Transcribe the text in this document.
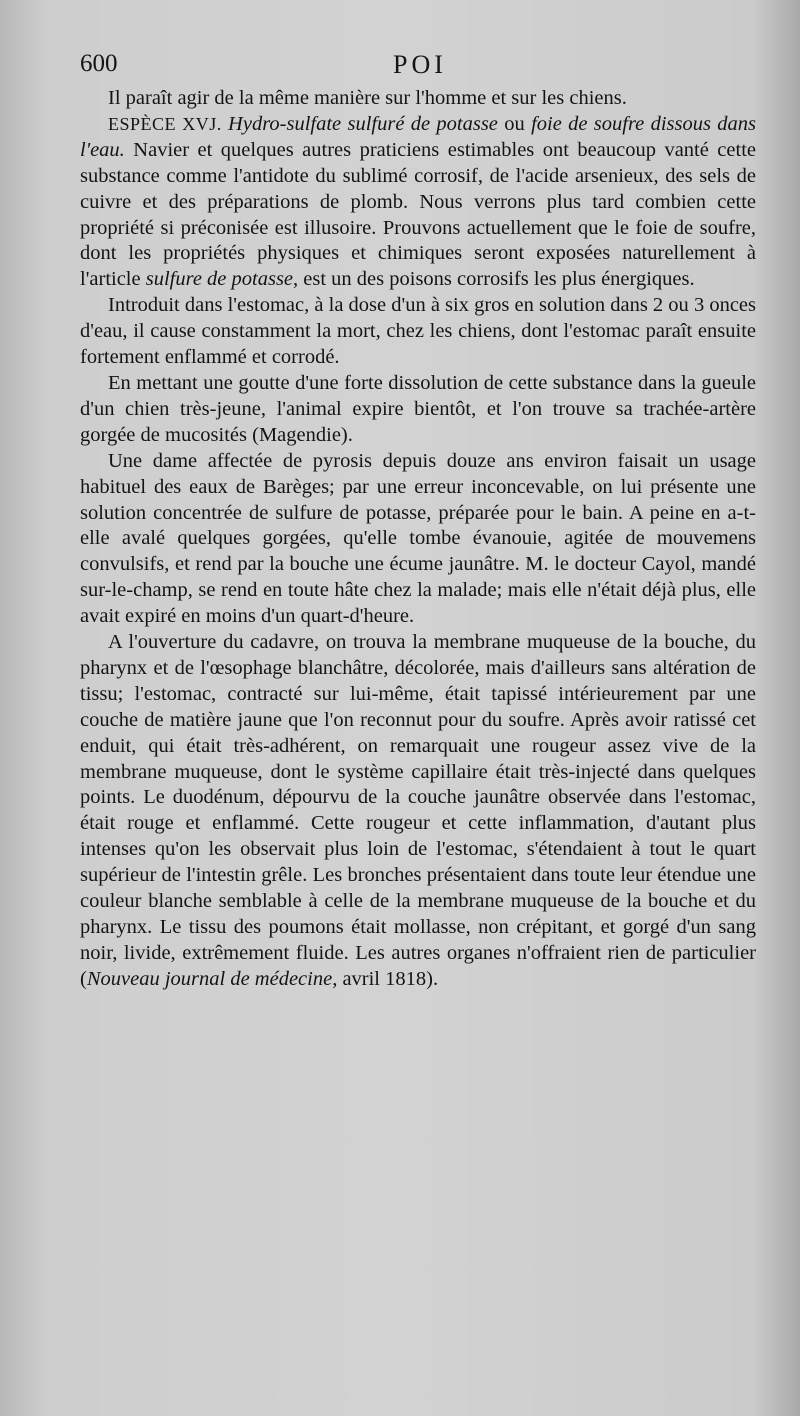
600	POI

Il paraît agir de la même manière sur l'homme et sur les chiens.

ESPÈCE XVJ. Hydro-sulfate sulfuré de potasse ou foie de soufre dissous dans l'eau. Navier et quelques autres praticiens estimables ont beaucoup vanté cette substance comme l'antidote du sublimé corrosif, de l'acide arsenieux, des sels de cuivre et des préparations de plomb. Nous verrons plus tard combien cette propriété si préconisée est illusoire. Prouvons actuellement que le foie de soufre, dont les propriétés physiques et chimiques seront exposées naturellement à l'article sulfure de potasse, est un des poisons corrosifs les plus énergiques.

Introduit dans l'estomac, à la dose d'un à six gros en solution dans 2 ou 3 onces d'eau, il cause constamment la mort, chez les chiens, dont l'estomac paraît ensuite fortement enflammé et corrodé.

En mettant une goutte d'une forte dissolution de cette substance dans la gueule d'un chien très-jeune, l'animal expire bientôt, et l'on trouve sa trachée-artère gorgée de mucosités (Magendie).

Une dame affectée de pyrosis depuis douze ans environ faisait un usage habituel des eaux de Barèges; par une erreur inconcevable, on lui présente une solution concentrée de sulfure de potasse, préparée pour le bain. A peine en a-t-elle avalé quelques gorgées, qu'elle tombe évanouie, agitée de mouvemens convulsifs, et rend par la bouche une écume jaunâtre. M. le docteur Cayol, mandé sur-le-champ, se rend en toute hâte chez la malade; mais elle n'était déjà plus, elle avait expiré en moins d'un quart-d'heure.

A l'ouverture du cadavre, on trouva la membrane muqueuse de la bouche, du pharynx et de l'œsophage blanchâtre, décolorée, mais d'ailleurs sans altération de tissu; l'estomac, contracté sur lui-même, était tapissé intérieurement par une couche de matière jaune que l'on reconnut pour du soufre. Après avoir ratissé cet enduit, qui était très-adhérent, on remarquait une rougeur assez vive de la membrane muqueuse, dont le système capillaire était très-injecté dans quelques points. Le duodénum, dépourvu de la couche jaunâtre observée dans l'estomac, était rouge et enflammé. Cette rougeur et cette inflammation, d'autant plus intenses qu'on les observait plus loin de l'estomac, s'étendaient à tout le quart supérieur de l'intestin grêle. Les bronches présentaient dans toute leur étendue une couleur blanche semblable à celle de la membrane muqueuse de la bouche et du pharynx. Le tissu des poumons était mollasse, non crépitant, et gorgé d'un sang noir, livide, extrêmement fluide. Les autres organes n'offraient rien de particulier (Nouveau journal de médecine, avril 1818).
